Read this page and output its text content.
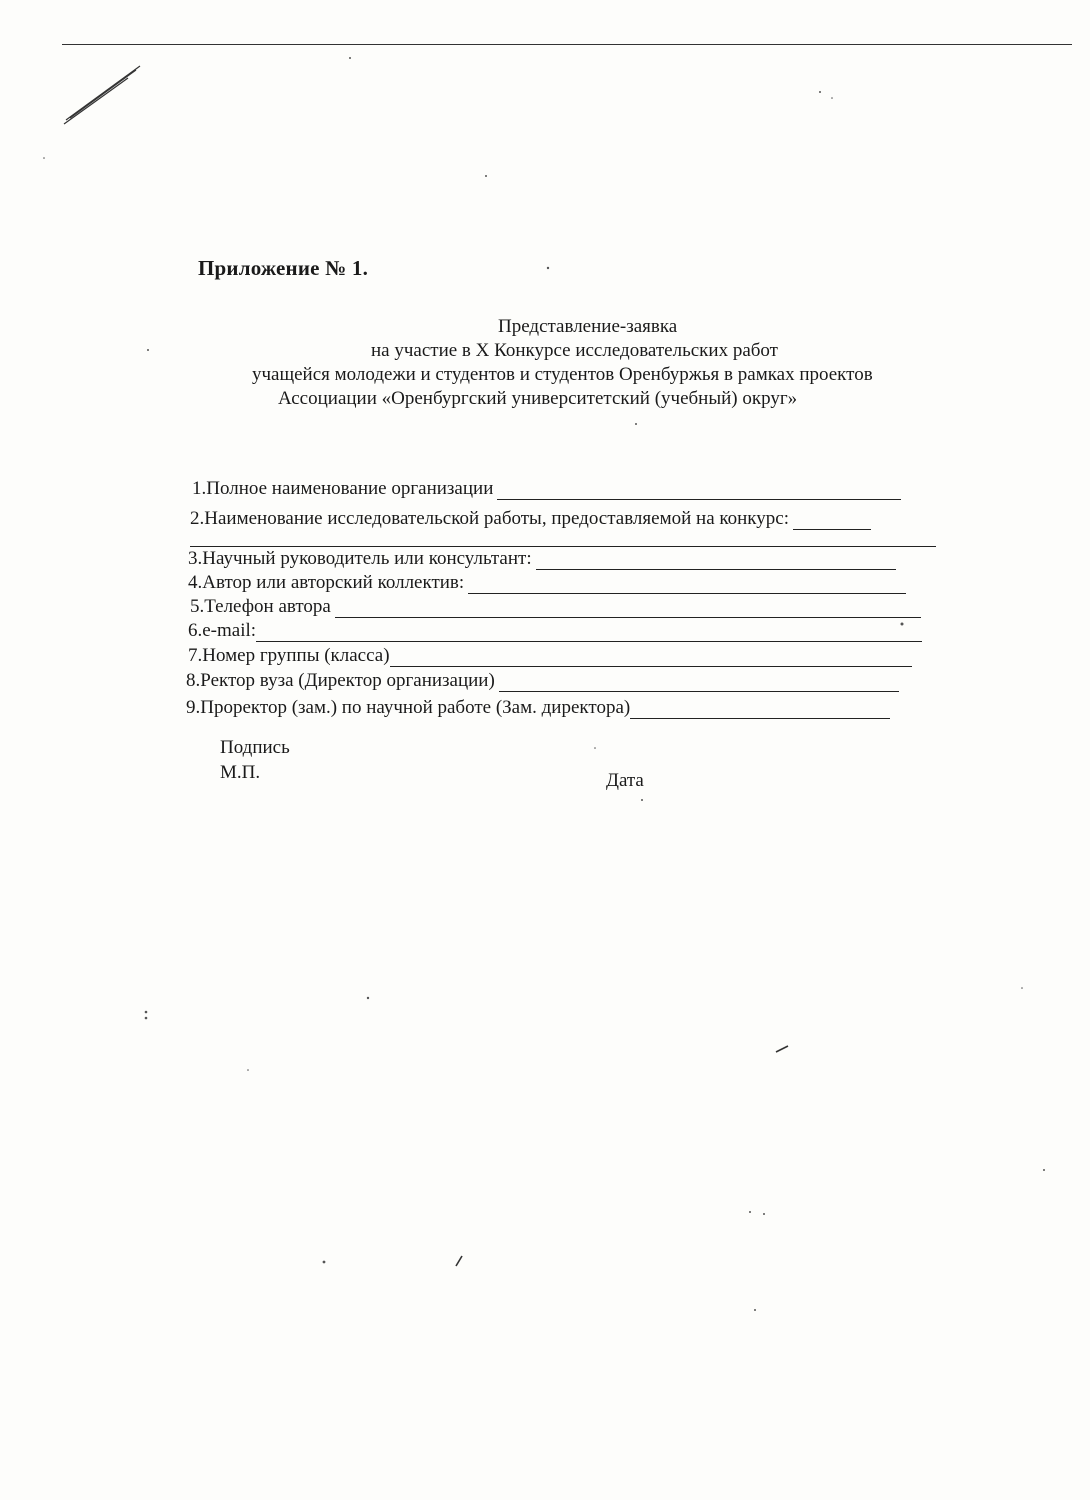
Приложение № 1.
Представление-заявка
на участие в X Конкурсе исследовательских работ
учащейся молодежи и студентов и студентов Оренбуржья в рамках проектов
Ассоциации «Оренбургский университетский (учебный) округ»
1.Полное наименование организации
2.Наименование исследовательской работы, предоставляемой на конкурс:
3.Научный руководитель или консультант:
4.Автор или авторский коллектив:
5.Телефон автора
6.e-mail:
7.Номер группы (класса)
8.Ректор вуза (Директор организации)
9.Проректор (зам.) по научной работе (Зам. директора)
Подпись
М.П.	Дата
